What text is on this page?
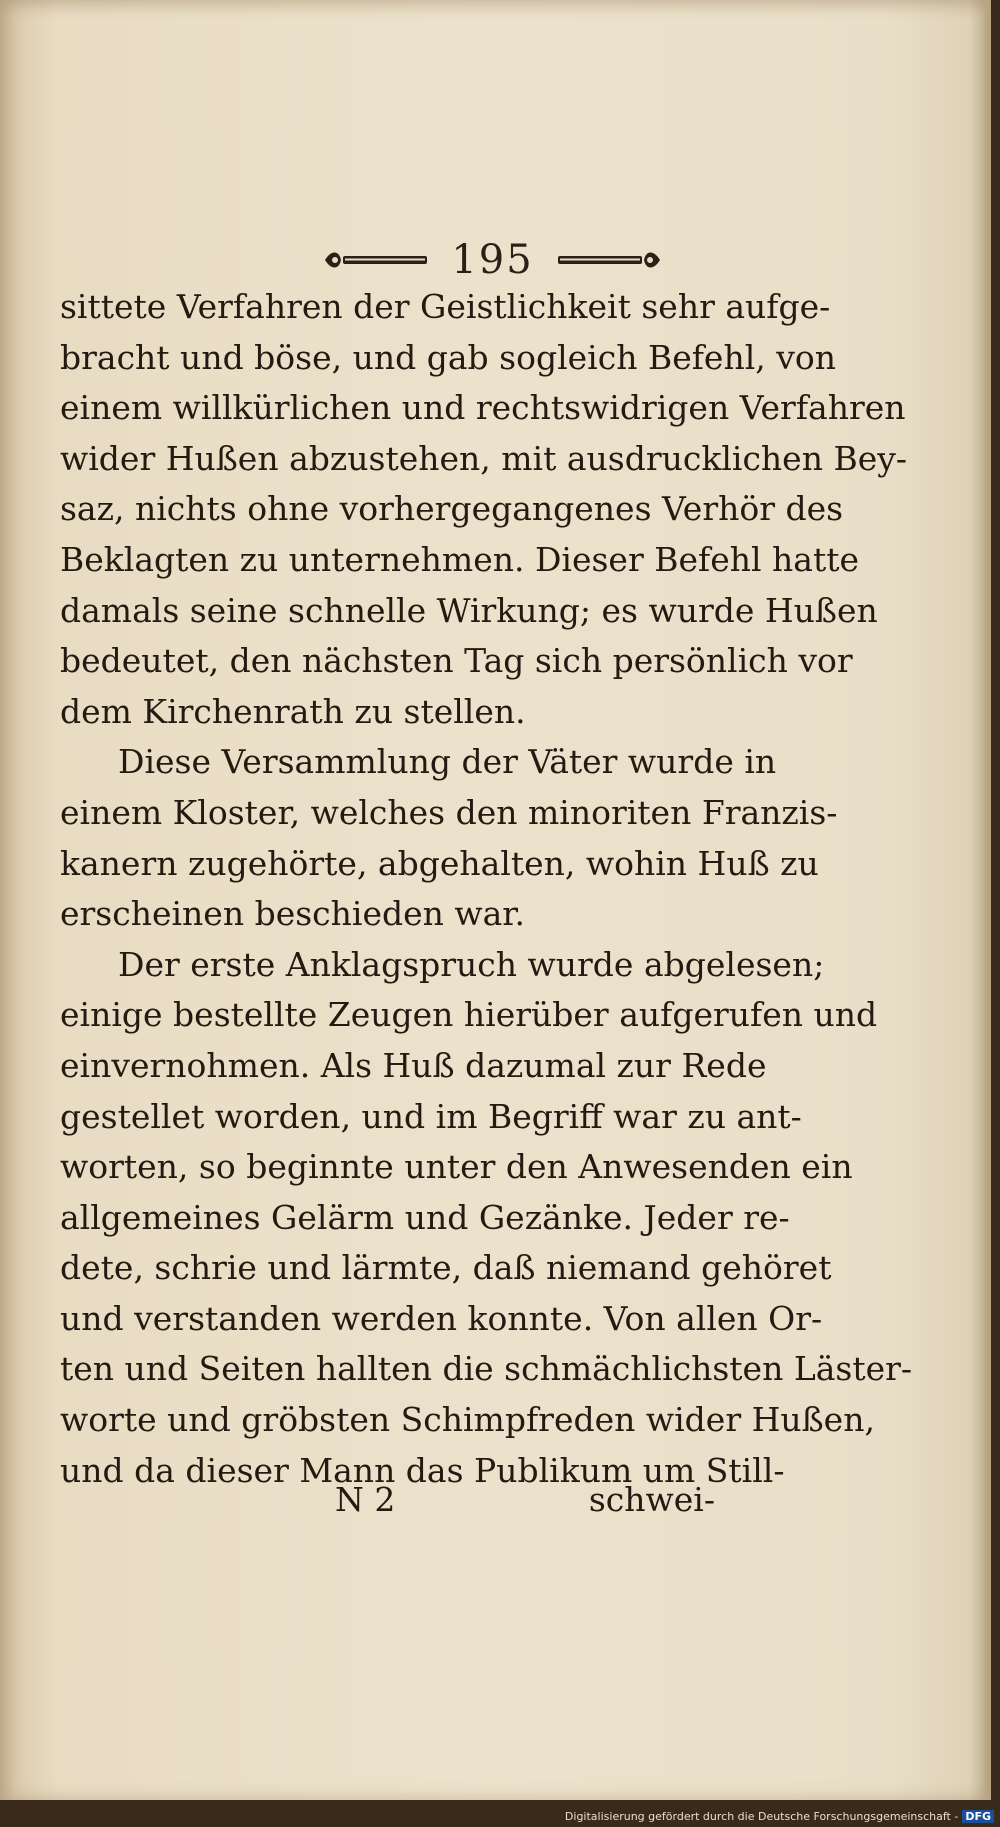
195
sittete Verfahren der Geistlichkeit sehr aufge-
bracht und böse, und gab sogleich Befehl, von
einem willkürlichen und rechtswidrigen Verfahren
wider Hußen abzustehen, mit ausdrucklichen Bey-
saz, nichts ohne vorhergegangenes Verhör des
Beklagten zu unternehmen. Dieser Befehl hatte
damals seine schnelle Wirkung; es wurde Hußen
bedeutet, den nächsten Tag sich persönlich vor
dem Kirchenrath zu stellen.
Diese Versammlung der Väter wurde in
einem Kloster, welches den minoriten Franzis-
kanern zugehörte, abgehalten, wohin Huß zu
erscheinen beschieden war.
Der erste Anklagspruch wurde abgelesen;
einige bestellte Zeugen hierüber aufgerufen und
einvernohmen. Als Huß dazumal zur Rede
gestellet worden, und im Begriff war zu ant-
worten, so beginnte unter den Anwesenden ein
allgemeines Gelärm und Gezänke. Jeder re-
dete, schrie und lärmte, daß niemand gehöret
und verstanden werden konnte. Von allen Or-
ten und Seiten hallten die schmächlichsten Läster-
worte und gröbsten Schimpfreden wider Hußen,
und da dieser Mann das Publikum um Still-
N 2	schwei-
Digitalisierung gefördert durch die Deutsche Forschungsgemeinschaft - DFG
